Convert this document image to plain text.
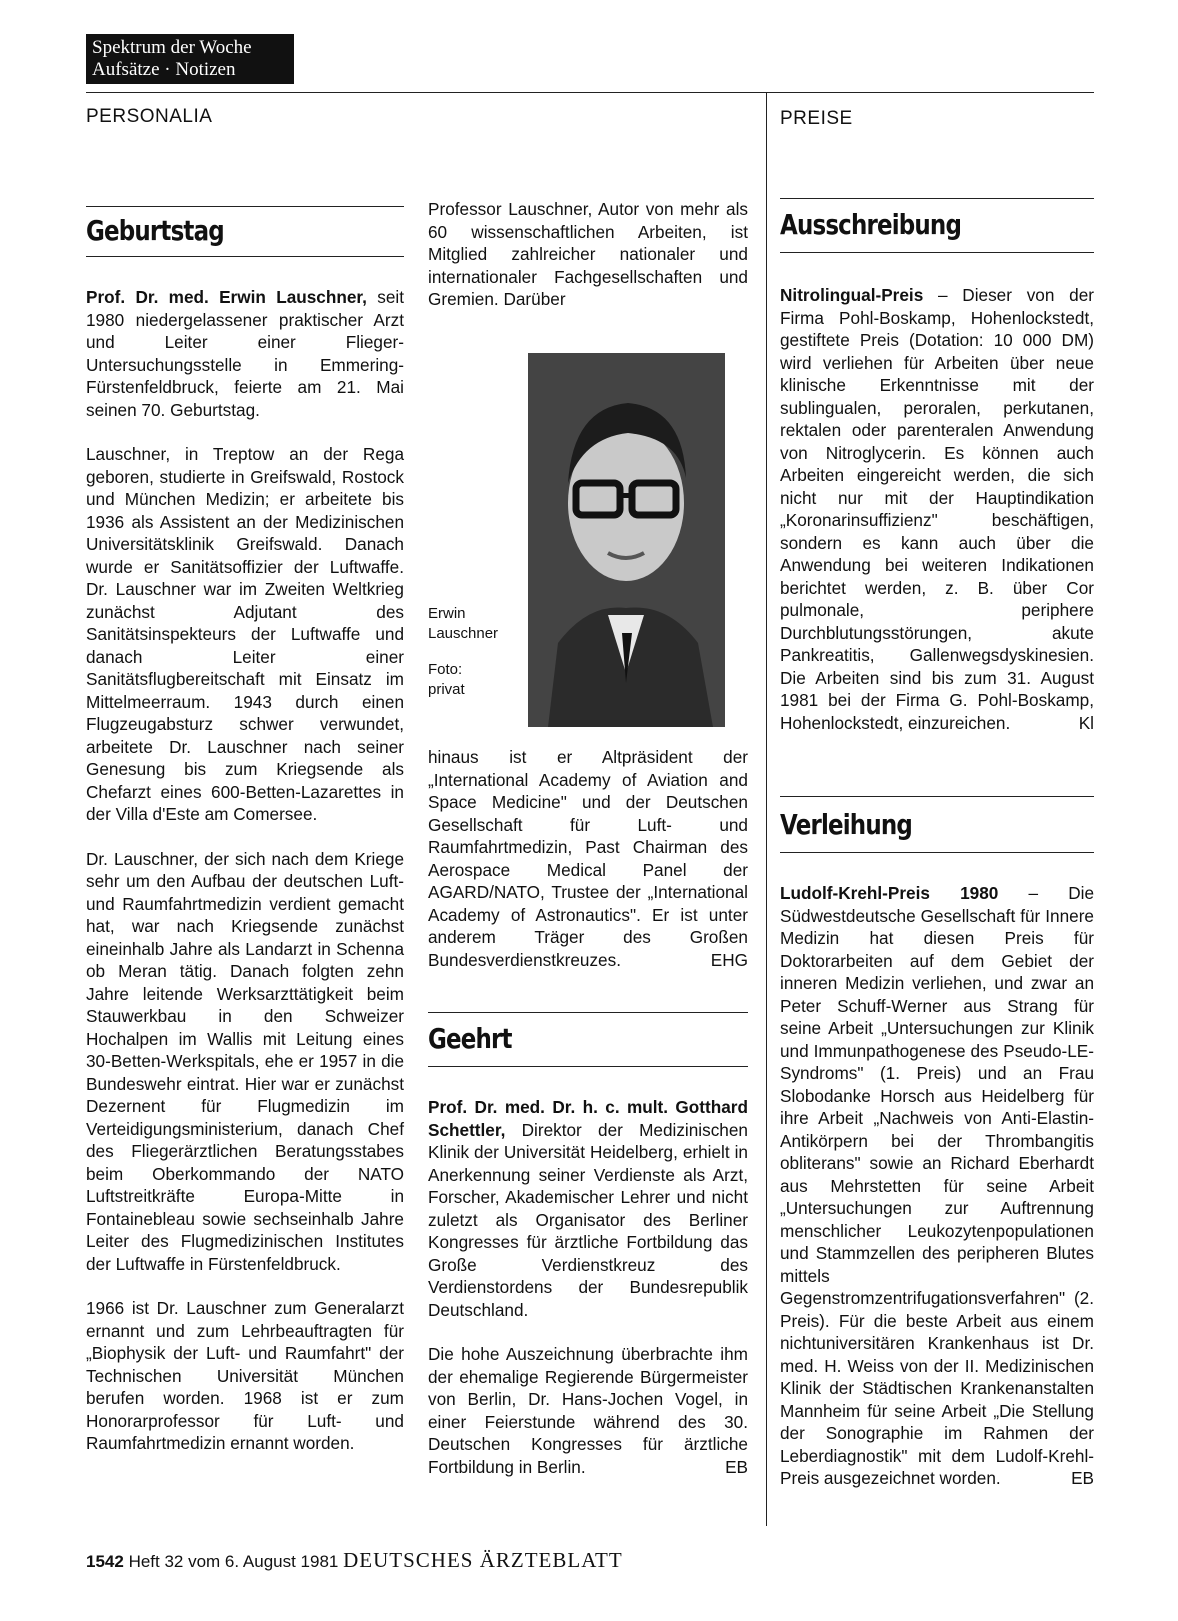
Spektrum der Woche
Aufsätze · Notizen
PERSONALIA	PREISE
Geburtstag

Prof. Dr. med. Erwin Lauschner, seit 1980 niedergelassener praktischer Arzt und Leiter einer Flieger-Untersuchungsstelle in Emmering-Fürstenfeldbruck, feierte am 21. Mai seinen 70. Geburtstag.

Lauschner, in Treptow an der Rega geboren, studierte in Greifswald, Rostock und München Medizin; er arbeitete bis 1936 als Assistent an der Medizinischen Universitätsklinik Greifswald. Danach wurde er Sanitätsoffizier der Luftwaffe. Dr. Lauschner war im Zweiten Weltkrieg zunächst Adjutant des Sanitätsinspekteurs der Luftwaffe und danach Leiter einer Sanitätsflugbereitschaft mit Einsatz im Mittelmeerraum. 1943 durch einen Flugzeugabsturz schwer verwundet, arbeitete Dr. Lauschner nach seiner Genesung bis zum Kriegsende als Chefarzt eines 600-Betten-Lazarettes in der Villa d'Este am Comersee.

Dr. Lauschner, der sich nach dem Kriege sehr um den Aufbau der deutschen Luft- und Raumfahrtmedizin verdient gemacht hat, war nach Kriegsende zunächst eineinhalb Jahre als Landarzt in Schenna ob Meran tätig. Danach folgten zehn Jahre leitende Werksarzttätigkeit beim Stauwerkbau in den Schweizer Hochalpen im Wallis mit Leitung eines 30-Betten-Werkspitals, ehe er 1957 in die Bundeswehr eintrat. Hier war er zunächst Dezernent für Flugmedizin im Verteidigungsministerium, danach Chef des Fliegerärztlichen Beratungsstabes beim Oberkommando der NATO Luftstreitkräfte Europa-Mitte in Fontainebleau sowie sechseinhalb Jahre Leiter des Flugmedizinischen Institutes der Luftwaffe in Fürstenfeldbruck.

1966 ist Dr. Lauschner zum Generalarzt ernannt und zum Lehrbeauftragten für „Biophysik der Luft- und Raumfahrt" der Technischen Universität München berufen worden. 1968 ist er zum Honorarprofessor für Luft- und Raumfahrtmedizin ernannt worden.

Professor Lauschner, Autor von mehr als 60 wissenschaftlichen Arbeiten, ist Mitglied zahlreicher nationaler und internationaler Fachgesellschaften und Gremien. Darüber
Erwin Lauschner
Foto: privat
hinaus ist er Altpräsident der „International Academy of Aviation and Space Medicine" und der Deutschen Gesellschaft für Luft- und Raumfahrtmedizin, Past Chairman des Aerospace Medical Panel der AGARD/NATO, Trustee der „International Academy of Astronautics". Er ist unter anderem Träger des Großen Bundesverdienstkreuzes.	EHG
Geehrt

Prof. Dr. med. Dr. h. c. mult. Gotthard Schettler, Direktor der Medizinischen Klinik der Universität Heidelberg, erhielt in Anerkennung seiner Verdienste als Arzt, Forscher, Akademischer Lehrer und nicht zuletzt als Organisator des Berliner Kongresses für ärztliche Fortbildung das Große Verdienstkreuz des Verdienstordens der Bundesrepublik Deutschland.

Die hohe Auszeichnung überbrachte ihm der ehemalige Regierende Bürgermeister von Berlin, Dr. Hans-Jochen Vogel, in einer Feierstunde während des 30. Deutschen Kongresses für ärztliche Fortbildung in Berlin.	EB

Ausschreibung
Nitrolingual-Preis – Dieser von der Firma Pohl-Boskamp, Hohenlockstedt, gestiftete Preis (Dotation: 10 000 DM) wird verliehen für Arbeiten über neue klinische Erkenntnisse mit der sublingualen, peroralen, perkutanen, rektalen oder parenteralen Anwendung von Nitroglycerin. Es können auch Arbeiten eingereicht werden, die sich nicht nur mit der Hauptindikation „Koronarinsuffizienz" beschäftigen, sondern es kann auch über die Anwendung bei weiteren Indikationen berichtet werden, z. B. über Cor pulmonale, periphere Durchblutungsstörungen, akute Pankreatitis, Gallenwegsdyskinesien. Die Arbeiten sind bis zum 31. August 1981 bei der Firma G. Pohl-Boskamp, Hohenlockstedt, einzureichen.	Kl
Verleihung
Ludolf-Krehl-Preis 1980 – Die Südwestdeutsche Gesellschaft für Innere Medizin hat diesen Preis für Doktorarbeiten auf dem Gebiet der inneren Medizin verliehen, und zwar an Peter Schuff-Werner aus Strang für seine Arbeit „Untersuchungen zur Klinik und Immunpathogenese des Pseudo-LE-Syndroms" (1. Preis) und an Frau Slobodanke Horsch aus Heidelberg für ihre Arbeit „Nachweis von Anti-Elastin-Antikörpern bei der Thrombangitis obliterans" sowie an Richard Eberhardt aus Mehrstetten für seine Arbeit „Untersuchungen zur Auftrennung menschlicher Leukozytenpopulationen und Stammzellen des peripheren Blutes mittels Gegenstromzentrifugationsverfahren" (2. Preis). Für die beste Arbeit aus einem nichtuniversitären Krankenhaus ist Dr. med. H. Weiss von der II. Medizinischen Klinik der Städtischen Krankenanstalten Mannheim für seine Arbeit „Die Stellung der Sonographie im Rahmen der Leberdiagnostik" mit dem Ludolf-Krehl-Preis ausgezeichnet worden.	EB
1542 Heft 32 vom 6. August 1981 DEUTSCHES ÄRZTEBLATT
